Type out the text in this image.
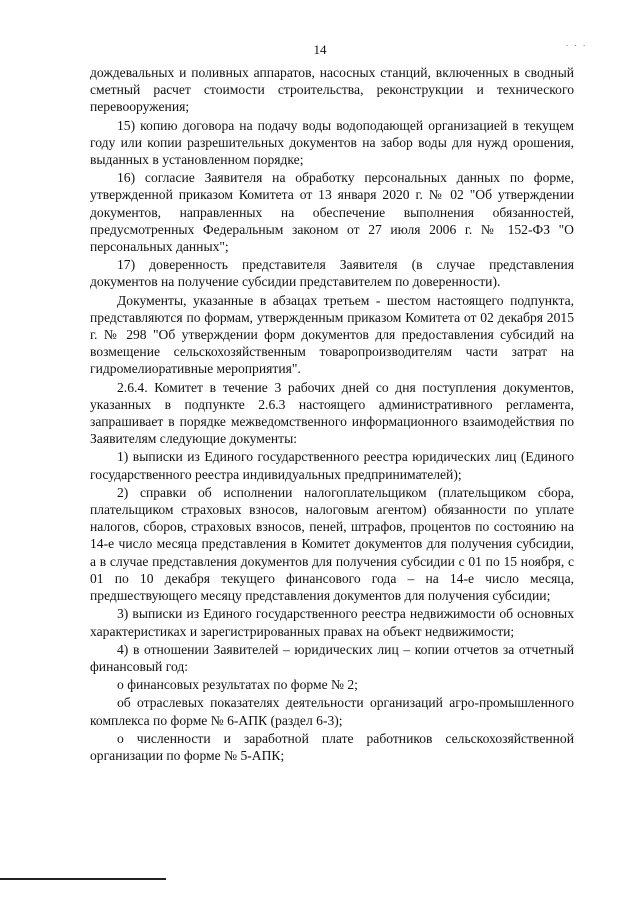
14	. . .

дождевальных и поливных аппаратов, насосных станций, включенных в сводный сметный расчет стоимости строительства, реконструкции и технического перевооружения;

15) копию договора на подачу воды водоподающей организацией в текущем году или копии разрешительных документов на забор воды для нужд орошения, выданных в установленном порядке;

16) согласие Заявителя на обработку персональных данных по форме, утвержденной приказом Комитета от 13 января 2020 г. № 02 "Об утверждении документов, направленных на обеспечение выполнения обязанностей, предусмотренных Федеральным законом от 27 июля 2006 г. № 152-ФЗ "О персональных данных";

17) доверенность представителя Заявителя (в случае представления документов на получение субсидии представителем по доверенности).

Документы, указанные в абзацах третьем - шестом настоящего подпункта, представляются по формам, утвержденным приказом Комитета от 02 декабря 2015 г. № 298 "Об утверждении форм документов для предоставления субсидий на возмещение сельскохозяйственным товаропроизводителям части затрат на гидромелиоративные мероприятия".

2.6.4. Комитет в течение 3 рабочих дней со дня поступления документов, указанных в подпункте 2.6.3 настоящего административного регламента, запрашивает в порядке межведомственного информационного взаимодействия по Заявителям следующие документы:

1) выписки из Единого государственного реестра юридических лиц (Единого государственного реестра индивидуальных предпринимателей);

2) справки об исполнении налогоплательщиком (плательщиком сбора, плательщиком страховых взносов, налоговым агентом) обязанности по уплате налогов, сборов, страховых взносов, пеней, штрафов, процентов по состоянию на 14-е число месяца представления в Комитет документов для получения субсидии, а в случае представления документов для получения субсидии с 01 по 15 ноября, с 01 по 10 декабря текущего финансового года – на 14-е число месяца, предшествующего месяцу представления документов для получения субсидии;

3) выписки из Единого государственного реестра недвижимости об основных характеристиках и зарегистрированных правах на объект недвижимости;

4) в отношении Заявителей – юридических лиц – копии отчетов за отчетный финансовый год:

о финансовых результатах по форме № 2;

об отраслевых показателях деятельности организаций агро-промышленного комплекса по форме № 6-АПК (раздел 6-3);

о численности и заработной плате работников сельскохозяйственной организации по форме № 5-АПК;
